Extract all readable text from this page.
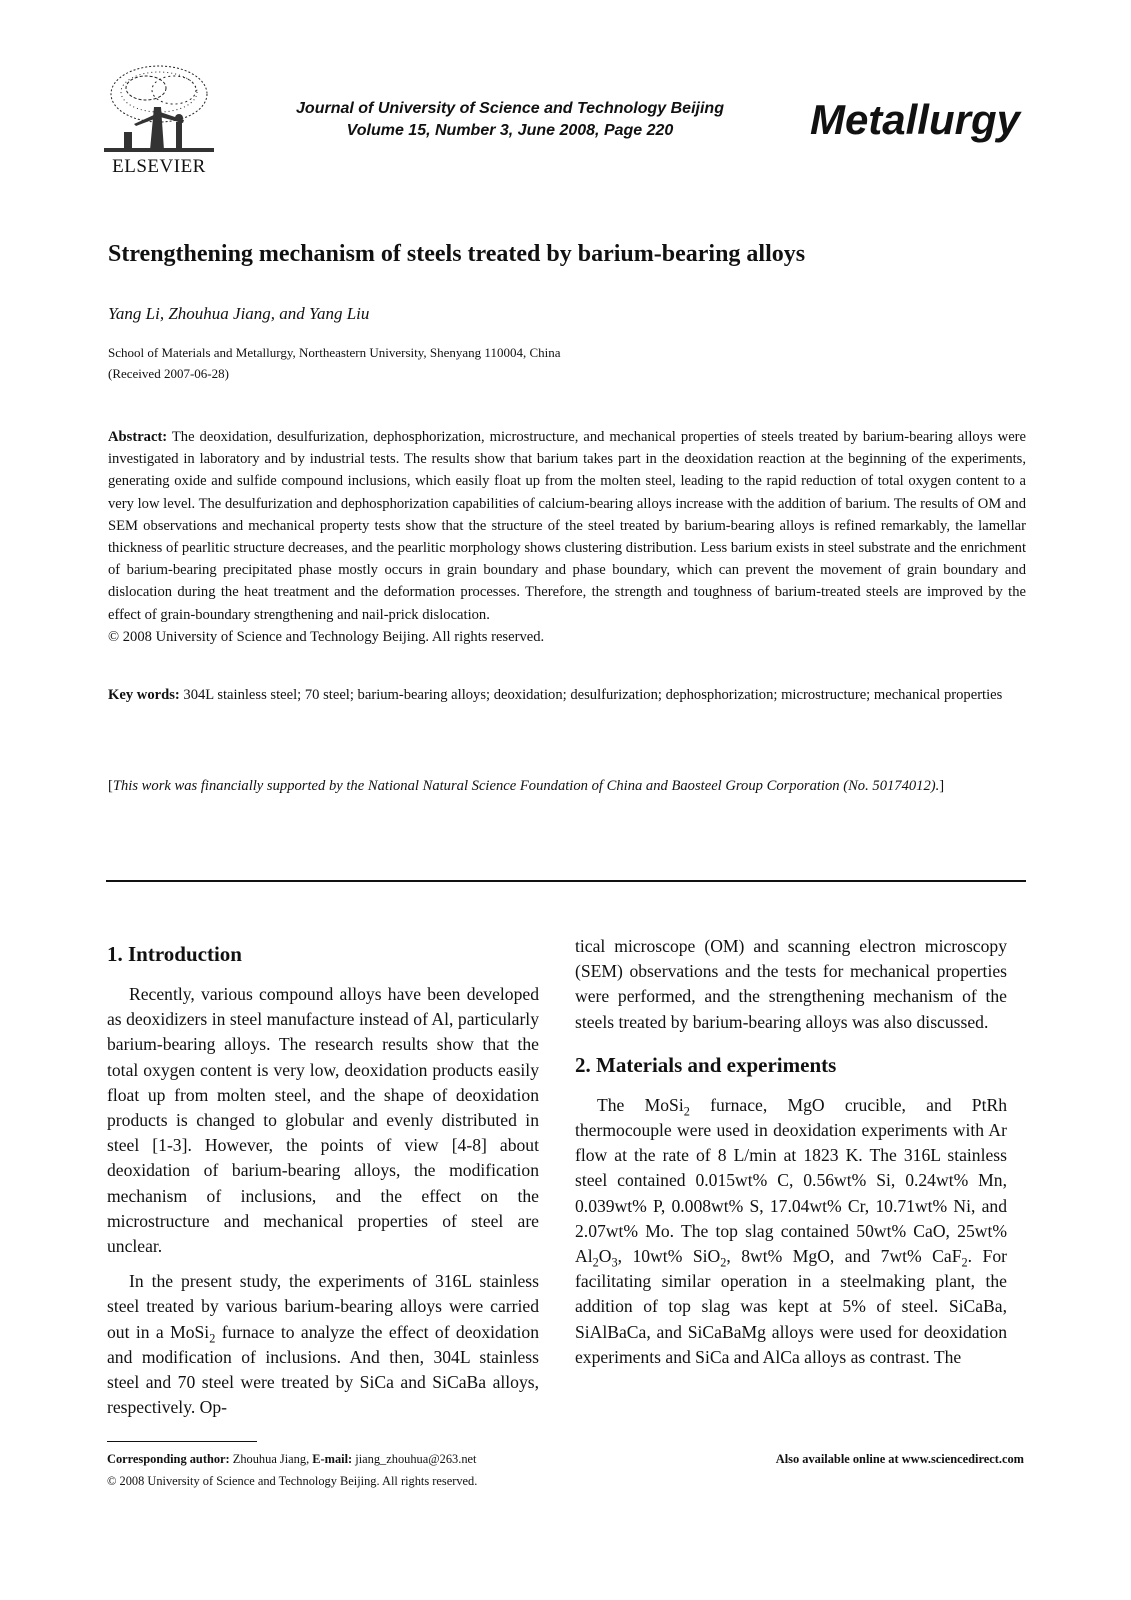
ELSEVIER
Journal of University of Science and Technology Beijing
Volume 15, Number 3, June 2008, Page 220	Metallurgy
Strengthening mechanism of steels treated by barium-bearing alloys
Yang Li, Zhouhua Jiang, and Yang Liu
School of Materials and Metallurgy, Northeastern University, Shenyang 110004, China
(Received 2007-06-28)
Abstract: The deoxidation, desulfurization, dephosphorization, microstructure, and mechanical properties of steels treated by barium-bearing alloys were investigated in laboratory and by industrial tests. The results show that barium takes part in the deoxidation reaction at the beginning of the experiments, generating oxide and sulfide compound inclusions, which easily float up from the molten steel, leading to the rapid reduction of total oxygen content to a very low level. The desulfurization and dephosphorization capabilities of calcium-bearing alloys increase with the addition of barium. The results of OM and SEM observations and mechanical property tests show that the structure of the steel treated by barium-bearing alloys is refined remarkably, the lamellar thickness of pearlitic structure decreases, and the pearlitic morphology shows clustering distribution. Less barium exists in steel substrate and the enrichment of barium-bearing precipitated phase mostly occurs in grain boundary and phase boundary, which can prevent the movement of grain boundary and dislocation during the heat treatment and the deformation processes. Therefore, the strength and toughness of barium-treated steels are improved by the effect of grain-boundary strengthening and nail-prick dislocation.
© 2008 University of Science and Technology Beijing. All rights reserved.
Key words: 304L stainless steel; 70 steel; barium-bearing alloys; deoxidation; desulfurization; dephosphorization; microstructure; mechanical properties
[This work was financially supported by the National Natural Science Foundation of China and Baosteel Group Corporation (No. 50174012).]
1. Introduction

Recently, various compound alloys have been developed as deoxidizers in steel manufacture instead of Al, particularly barium-bearing alloys. The research results show that the total oxygen content is very low, deoxidation products easily float up from molten steel, and the shape of deoxidation products is changed to globular and evenly distributed in steel [1-3]. However, the points of view [4-8] about deoxidation of barium-bearing alloys, the modification mechanism of inclusions, and the effect on the microstructure and mechanical properties of steel are unclear.

In the present study, the experiments of 316L stainless steel treated by various barium-bearing alloys were carried out in a MoSi$_2$ furnace to analyze the effect of deoxidation and modification of inclusions. And then, 304L stainless steel and 70 steel were treated by SiCa and SiCaBa alloys, respectively. Op-

tical microscope (OM) and scanning electron microscopy (SEM) observations and the tests for mechanical properties were performed, and the strengthening mechanism of the steels treated by barium-bearing alloys was also discussed.

2. Materials and experiments

The MoSi$_2$ furnace, MgO crucible, and PtRh thermocouple were used in deoxidation experiments with Ar flow at the rate of 8 L/min at 1823 K. The 316L stainless steel contained 0.015wt% C, 0.56wt% Si, 0.24wt% Mn, 0.039wt% P, 0.008wt% S, 17.04wt% Cr, 10.71wt% Ni, and 2.07wt% Mo. The top slag contained 50wt% CaO, 25wt% $Al_2O_3$, 10wt% SiO$_2$, 8wt% MgO, and 7wt% CaF$_2$. For facilitating similar operation in a steelmaking plant, the addition of top slag was kept at 5% of steel. SiCaBa, SiAlBaCa, and SiCaBaMg alloys were used for deoxidation experiments and SiCa and AlCa alloys as contrast. The

Corresponding author: Zhouhua Jiang, E-mail: jiang_zhouhua@263.net
© 2008 University of Science and Technology Beijing. All rights reserved.
Also available online at www.sciencedirect.com
